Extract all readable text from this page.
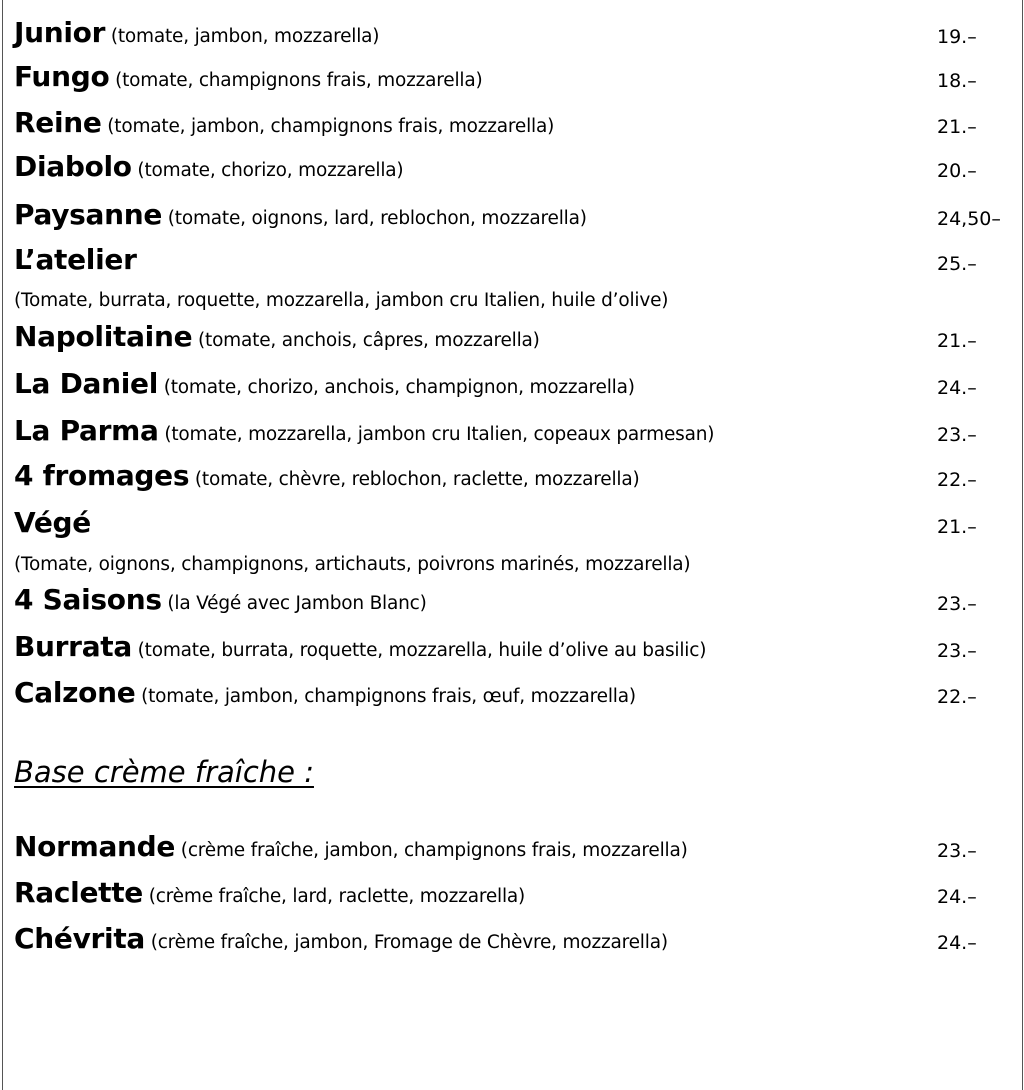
Junior (tomate, jambon, mozzarella)	19.–
Fungo (tomate, champignons frais, mozzarella)	18.–
Reine (tomate, jambon, champignons frais, mozzarella)	21.–
Diabolo (tomate, chorizo, mozzarella)	20.–
Paysanne (tomate, oignons, lard, reblochon, mozzarella)	24,50–
L’atelier	25.–
(Tomate, burrata, roquette, mozzarella, jambon cru Italien, huile d’olive)
Napolitaine (tomate, anchois, câpres, mozzarella)	21.–
La Daniel (tomate, chorizo, anchois, champignon, mozzarella)	24.–
La Parma (tomate, mozzarella, jambon cru Italien, copeaux parmesan)	23.–
4 fromages (tomate, chèvre, reblochon, raclette, mozzarella)	22.–
Végé	21.–
(Tomate, oignons, champignons, artichauts, poivrons marinés, mozzarella)
4 Saisons (la Végé avec Jambon Blanc)	23.–
Burrata (tomate, burrata, roquette, mozzarella, huile d’olive au basilic)	23.–
Calzone (tomate, jambon, champignons frais, œuf, mozzarella)	22.–
Base crème fraîche :
Normande (crème fraîche, jambon, champignons frais, mozzarella)	23.–
Raclette (crème fraîche, lard, raclette, mozzarella)	24.–
Chévrita (crème fraîche, jambon, Fromage de Chèvre, mozzarella)	24.–
